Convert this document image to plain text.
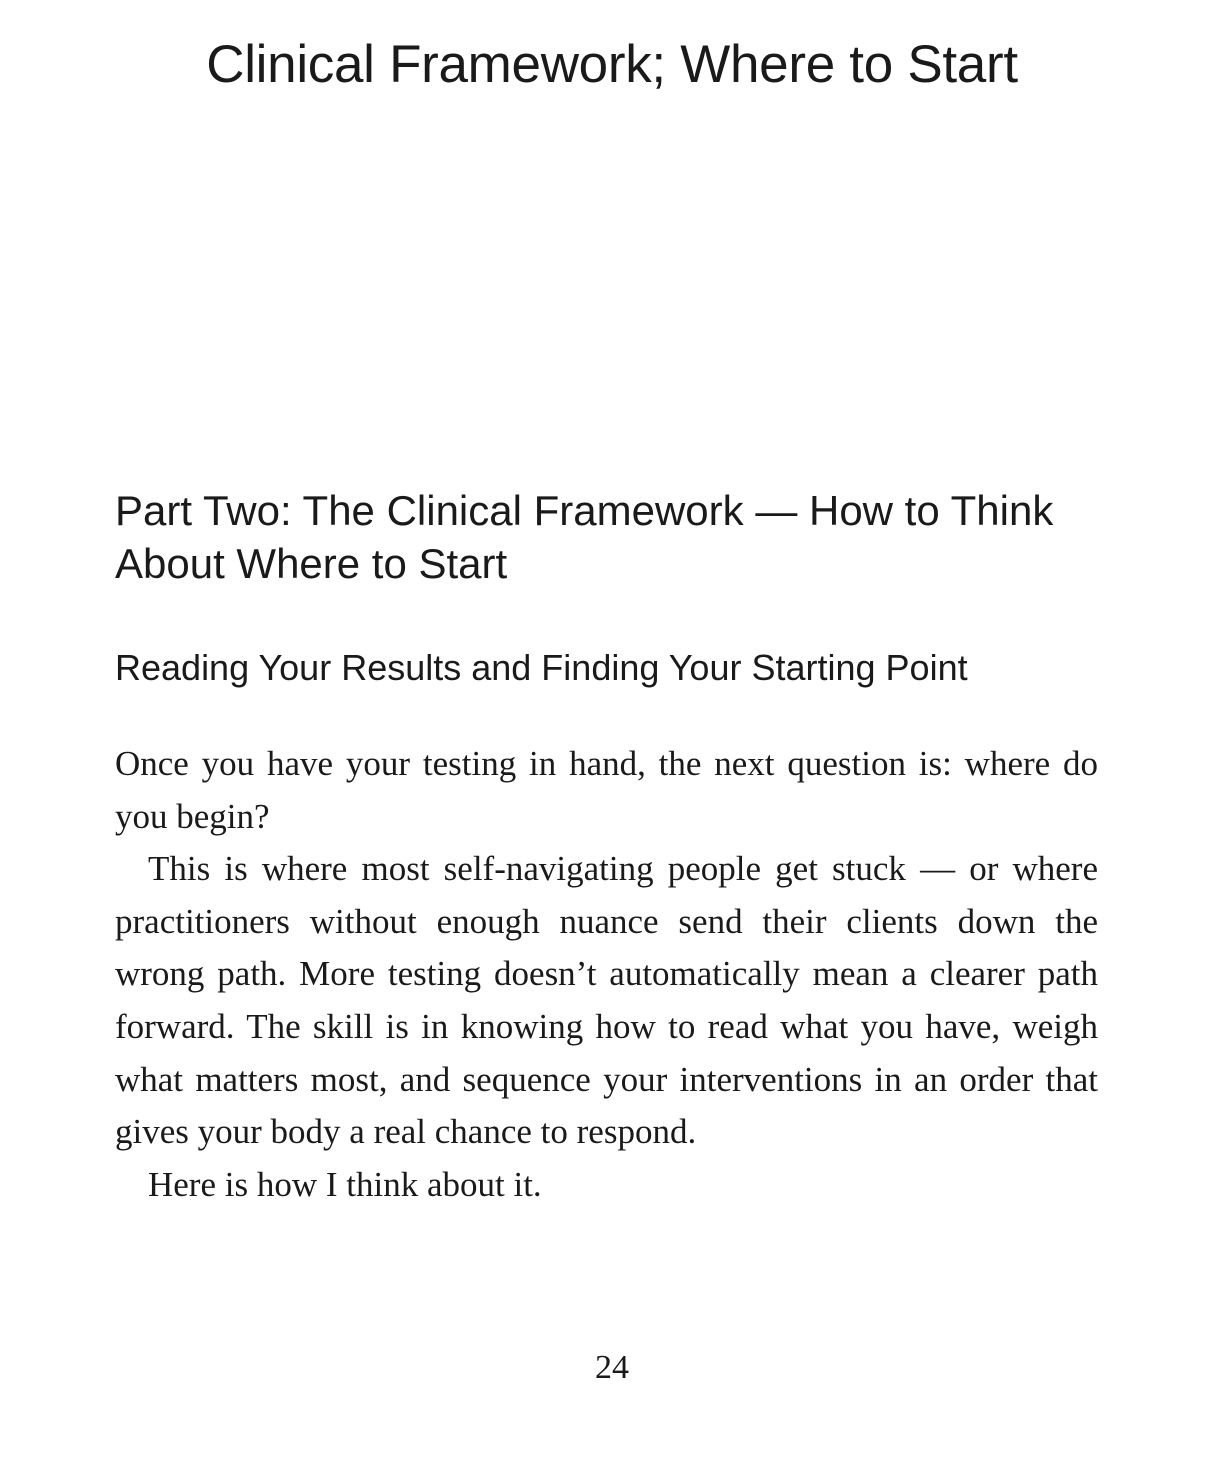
Clinical Framework; Where to Start
Part Two: The Clinical Framework — How to Think About Where to Start
Reading Your Results and Finding Your Starting Point

Once you have your testing in hand, the next question is: where do you begin?

This is where most self-navigating people get stuck — or where practitioners without enough nuance send their clients down the wrong path. More testing doesn’t automatically mean a clearer path forward. The skill is in knowing how to read what you have, weigh what matters most, and sequence your interventions in an order that gives your body a real chance to respond.

Here is how I think about it.

24
